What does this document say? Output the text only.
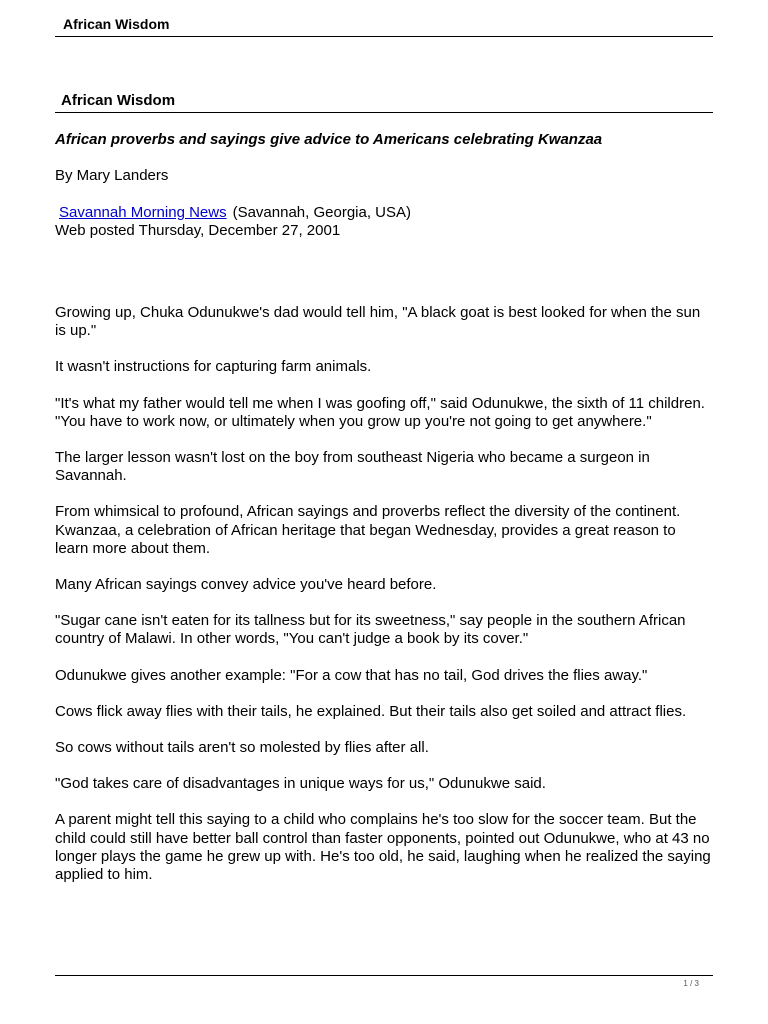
African Wisdom
African Wisdom

African proverbs and sayings give advice to Americans celebrating Kwanzaa

By Mary Landers

Savannah Morning News (Savannah, Georgia, USA)
Web posted Thursday, December 27, 2001

Growing up, Chuka Odunukwe's dad would tell him, "A black goat is best looked for when the sun is up."

It wasn't instructions for capturing farm animals.

"It's what my father would tell me when I was goofing off," said Odunukwe, the sixth of 11 children. "You have to work now, or ultimately when you grow up you're not going to get anywhere."

The larger lesson wasn't lost on the boy from southeast Nigeria who became a surgeon in Savannah.

From whimsical to profound, African sayings and proverbs reflect the diversity of the continent. Kwanzaa, a celebration of African heritage that began Wednesday, provides a great reason to learn more about them.

Many African sayings convey advice you've heard before.

"Sugar cane isn't eaten for its tallness but for its sweetness," say people in the southern African country of Malawi. In other words, "You can't judge a book by its cover."

Odunukwe gives another example: "For a cow that has no tail, God drives the flies away."

Cows flick away flies with their tails, he explained. But their tails also get soiled and attract flies.

So cows without tails aren't so molested by flies after all.

"God takes care of disadvantages in unique ways for us," Odunukwe said.

A parent might tell this saying to a child who complains he's too slow for the soccer team. But the child could still have better ball control than faster opponents, pointed out Odunukwe, who at 43 no longer plays the game he grew up with. He's too old, he said, laughing when he realized the saying applied to him.

1 / 3
